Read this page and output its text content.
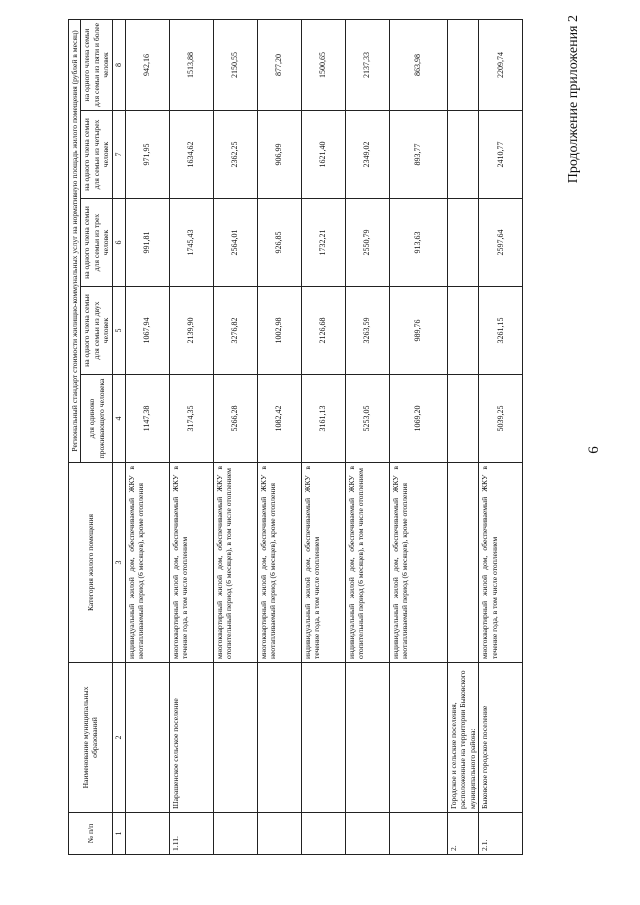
6
Продолжение приложения 2
№ п/п	Наименование муниципальных образований	Категория жилого помещения	Региональный стандарт стоимости жилищно-коммунальных услуг на нормативную площадь жилого помещения (рублей в месяц)				
			для одиноко проживающего человека	на одного члена семьи для семьи из двух человек	на одного члена семьи для семьи из трех человек	на одного члена семьи для семьи из четырех человек	на одного члена семьи для семьи из пяти и более человек
1	2	3	4	5	6	7	8
		индивидуальный жилой дом, обеспечиваемый ЖКУ в неотапливаемый период (6 месяцев), кроме отопления	1147,38	1067,94	991,81	971,95	942,16
1.11.	Шарашенское сельское поселение	многоквартирный жилой дом, обеспечиваемый ЖКУ в течение года, в том числе отоплением	3174,35	2139,90	1745,43	1634,62	1513,88
		многоквартирный жилой дом, обеспечиваемый ЖКУ в отопительный период (6 месяцев), в том числе отоплением	5266,28	3276,82	2564,01	2362,25	2150,55
		многоквартирный жилой дом, обеспечиваемый ЖКУ в неотапливаемый период (6 месяцев), кроме отопления	1082,42	1002,98	926,85	906,99	877,20
		индивидуальный жилой дом, обеспечиваемый ЖКУ в течение года, в том числе отоплением	3161,13	2126,68	1732,21	1621,40	1500,65
		индивидуальный жилой дом, обеспечиваемый ЖКУ в отопительный период (6 месяцев), в том числе отоплением	5253,05	3263,59	2550,79	2349,02	2137,33
		индивидуальный жилой дом, обеспечиваемый ЖКУ в неотапливаемый период (6 месяцев), кроме отопления	1069,20	989,76	913,63	893,77	863,98
2.	Городское и сельские поселения, расположенные на территории Быковского муниципального района:						
2.1.	Быковское городское поселение	многоквартирный жилой дом, обеспечиваемый ЖКУ в течение года, в том числе отоплением	5039,25	3261,15	2597,64	2410,77	2209,74
